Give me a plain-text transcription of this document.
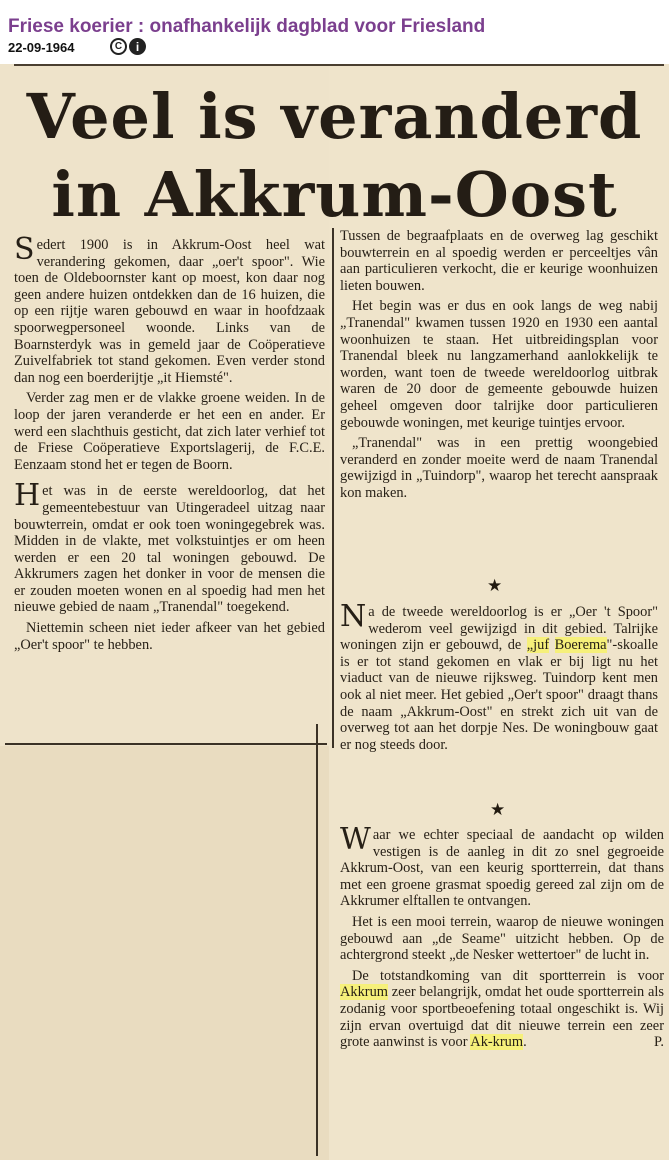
Friese koerier : onafhankelijk dagblad voor Friesland
22-09-1964	C	i
Veel is veranderd
in Akkrum-Oost

Sedert 1900 is in Akkrum-Oost heel wat verandering gekomen, daar „oer't spoor". Wie toen de Oldeboornster kant op moest, kon daar nog geen andere huizen ontdekken dan de 16 huizen, die op een rijtje waren gebouwd en waar in hoofdzaak spoorwegpersoneel woonde. Links van de Boarnsterdyk was in gemeld jaar de Coöperatieve Zuivelfabriek tot stand gekomen. Even verder stond dan nog een boerderijtje „it Hiemsté".

Verder zag men er de vlakke groene weiden. In de loop der jaren veranderde er het een en ander. Er werd een slachthuis gesticht, dat zich later verhief tot de Friese Coöperatieve Exportslagerij, de F.C.E. Eenzaam stond het er tegen de Boorn.

Het was in de eerste wereldoorlog, dat het gemeentebestuur van Utingeradeel uitzag naar bouwterrein, omdat er ook toen woningegebrek was. Midden in de vlakte, met volkstuintjes er om heen werden er een 20 tal woningen gebouwd. De Akkrumers zagen het donker in voor de mensen die er zouden moeten wonen en al spoedig had men het nieuwe gebied de naam „Tranendal" toegekend.

Niettemin scheen niet ieder afkeer van het gebied „Oer't spoor" te hebben.

Tussen de begraafplaats en de overweg lag geschikt bouwterrein en al spoedig werden er perceeltjes vân aan particulieren verkocht, die er keurige woonhuizen lieten bouwen.

Het begin was er dus en ook langs de weg nabij „Tranendal" kwamen tussen 1920 en 1930 een aantal woonhuizen te staan. Het uitbreidingsplan voor Tranendal bleek nu langzamerhand aanlokkelijk te worden, want toen de tweede wereldoorlog uitbrak waren de 20 door de gemeente gebouwde huizen geheel omgeven door talrijke door particulieren gebouwde woningen, met keurige tuintjes ervoor.

„Tranendal" was in een prettig woongebied veranderd en zonder moeite werd de naam Tranendal gewijzigd in „Tuindorp", waarop het terecht aanspraak kon maken.

★

Na de tweede wereldoorlog is er „Oer 't Spoor" wederom veel gewijzigd in dit gebied. Talrijke woningen zijn er gebouwd, de „juf Boerema"-skoalle is er tot stand gekomen en vlak er bij ligt nu het viaduct van de nieuwe rijksweg. Tuindorp kent men ook al niet meer. Het gebied „Oer't spoor" draagt thans de naam „Akkrum-Oost" en strekt zich uit van de overweg tot aan het dorpje Nes. De woningbouw gaat er nog steeds door.

★

Waar we echter speciaal de aandacht op wilden vestigen is de aanleg in dit zo snel gegroeide Akkrum-Oost, van een keurig sportterrein, dat thans met een groene grasmat spoedig gereed zal zijn om de Akkrumer elftallen te ontvangen.

Het is een mooi terrein, waarop de nieuwe woningen gebouwd aan „de Seame" uitzicht hebben. Op de achtergrond steekt „de Nesker wettertoer" de lucht in.

De totstandkoming van dit sportterrein is voor Akkrum zeer belangrijk, omdat het oude sportterrein als zodanig voor sportbeoefening totaal ongeschikt is. Wij zijn ervan overtuigd dat dit nieuwe terrein een zeer grote aanwinst is voor Ak-krum.	P.
